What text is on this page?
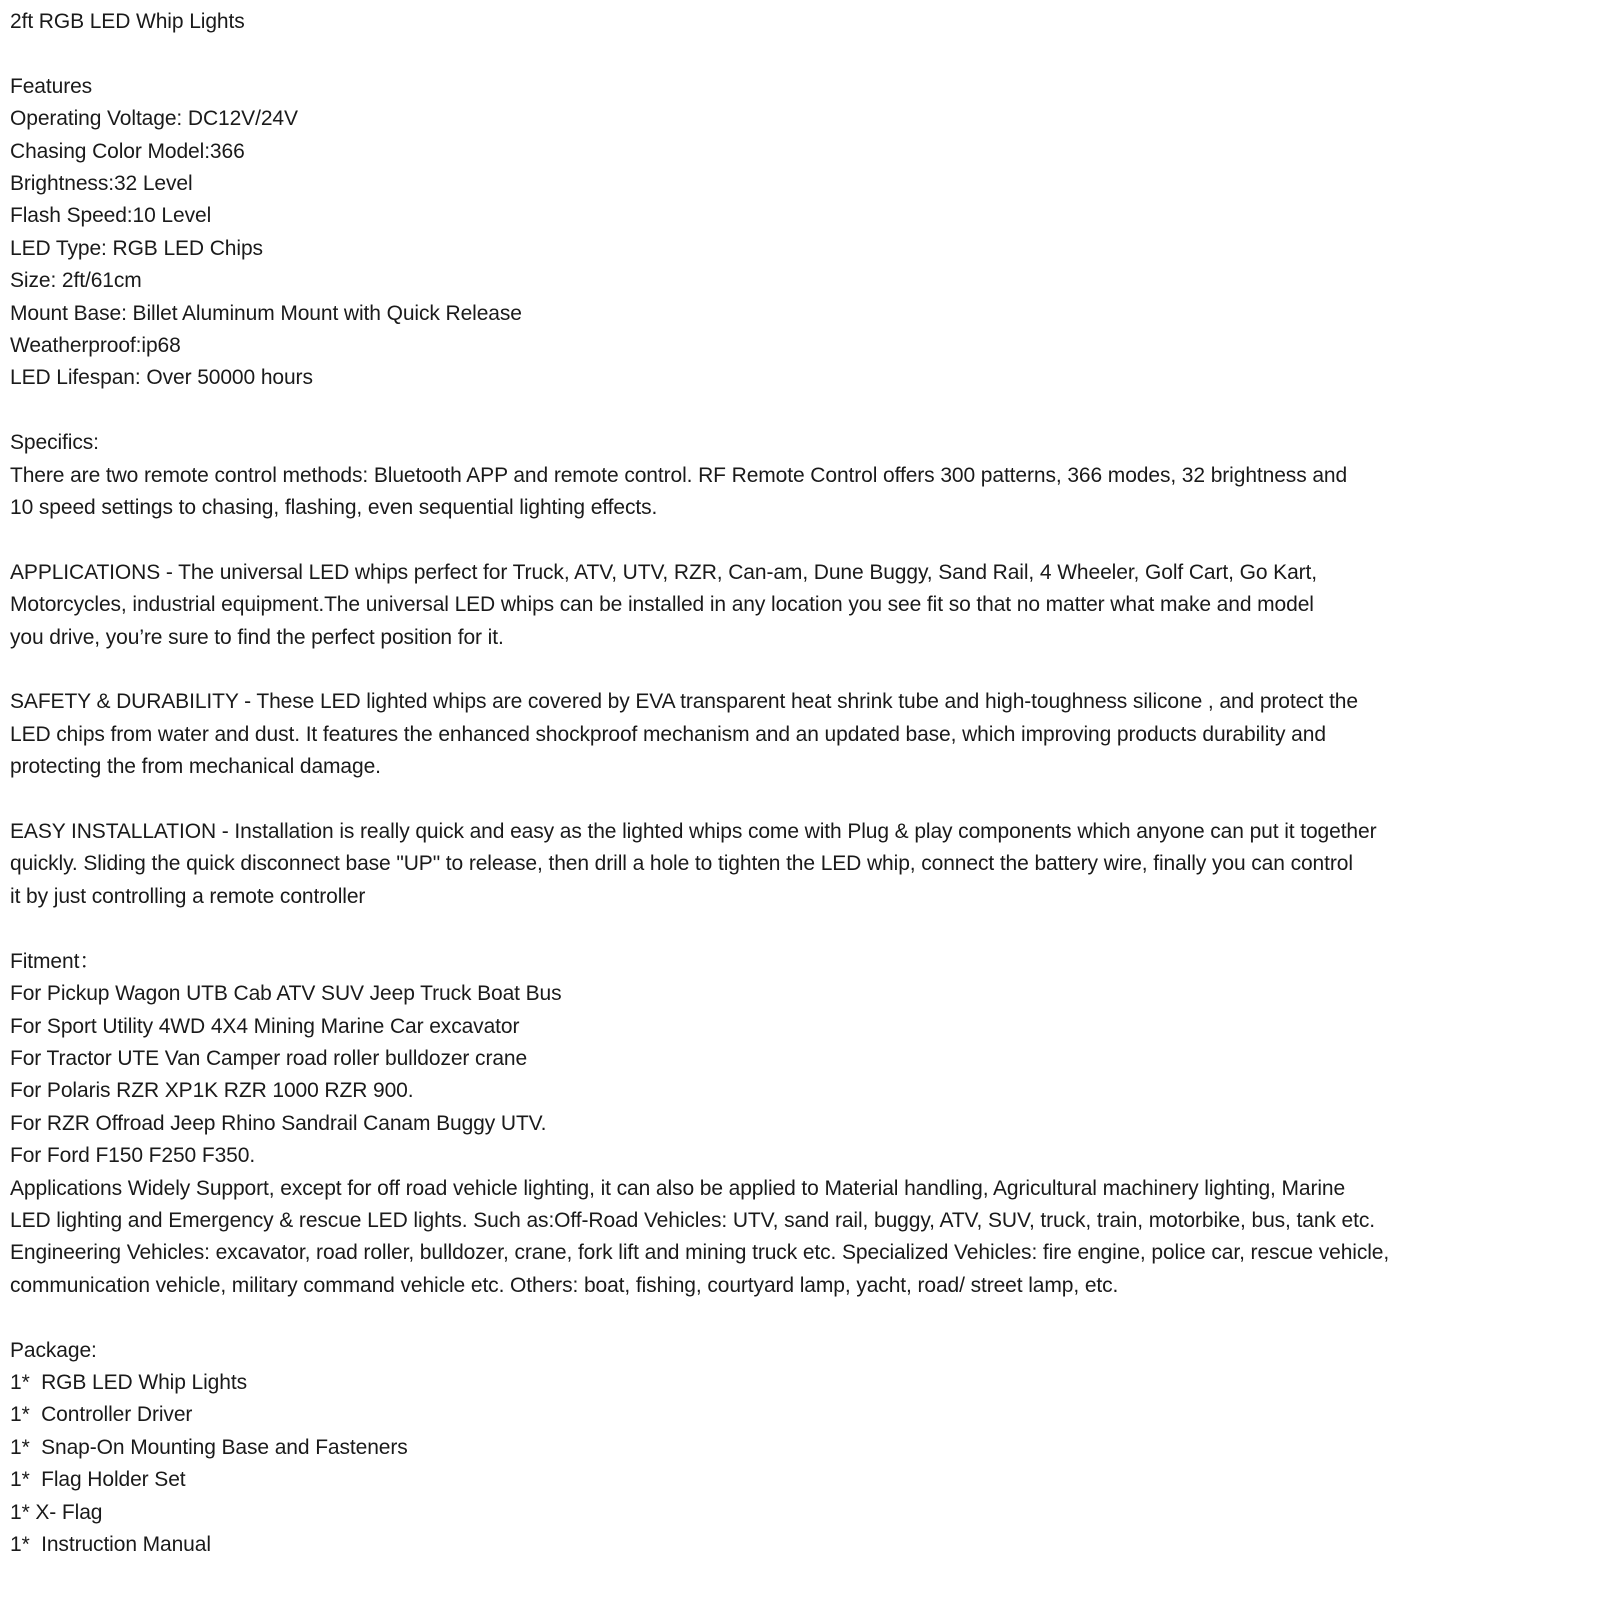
2ft RGB LED Whip Lights
Features
Operating Voltage: DC12V/24V
Chasing Color Model:366
Brightness:32 Level
Flash Speed:10 Level
LED Type: RGB LED Chips
Size: 2ft/61cm
Mount Base: Billet Aluminum Mount with Quick Release
Weatherproof:ip68
LED Lifespan: Over 50000 hours
Specifics:
There are two remote control methods: Bluetooth APP and remote control. RF Remote Control offers 300 patterns, 366 modes, 32 brightness and
10 speed settings to chasing, flashing, even sequential lighting effects.
APPLICATIONS - The universal LED whips perfect for Truck, ATV, UTV, RZR, Can-am, Dune Buggy, Sand Rail, 4 Wheeler, Golf Cart, Go Kart,
Motorcycles, industrial equipment.The universal LED whips can be installed in any location you see fit so that no matter what make and model
you drive, you’re sure to find the perfect position for it.
SAFETY & DURABILITY - These LED lighted whips are covered by EVA transparent heat shrink tube and high-toughness silicone , and protect the
LED chips from water and dust. It features the enhanced shockproof mechanism and an updated base, which improving products durability and
protecting the from mechanical damage.
EASY INSTALLATION - Installation is really quick and easy as the lighted whips come with Plug & play components which anyone can put it together
quickly. Sliding the quick disconnect base "UP" to release, then drill a hole to tighten the LED whip, connect the battery wire, finally you can control
it by just controlling a remote controller
Fitment：
For Pickup Wagon UTB Cab ATV SUV Jeep Truck Boat Bus
For Sport Utility 4WD 4X4 Mining Marine Car excavator
For Tractor UTE Van Camper road roller bulldozer crane
For Polaris RZR XP1K RZR 1000 RZR 900.
For RZR Offroad Jeep Rhino Sandrail Canam Buggy UTV.
For Ford F150 F250 F350.
Applications Widely Support, except for off road vehicle lighting, it can also be applied to Material handling, Agricultural machinery lighting, Marine
LED lighting and Emergency & rescue LED lights. Such as:Off-Road Vehicles: UTV, sand rail, buggy, ATV, SUV, truck, train, motorbike, bus, tank etc.
Engineering Vehicles: excavator, road roller, bulldozer, crane, fork lift and mining truck etc. Specialized Vehicles: fire engine, police car, rescue vehicle,
communication vehicle, military command vehicle etc. Others: boat, fishing, courtyard lamp, yacht, road/ street lamp, etc.
Package:
1*  RGB LED Whip Lights
1*  Controller Driver
1*  Snap-On Mounting Base and Fasteners
1*  Flag Holder Set
1* X- Flag
1*  Instruction Manual
